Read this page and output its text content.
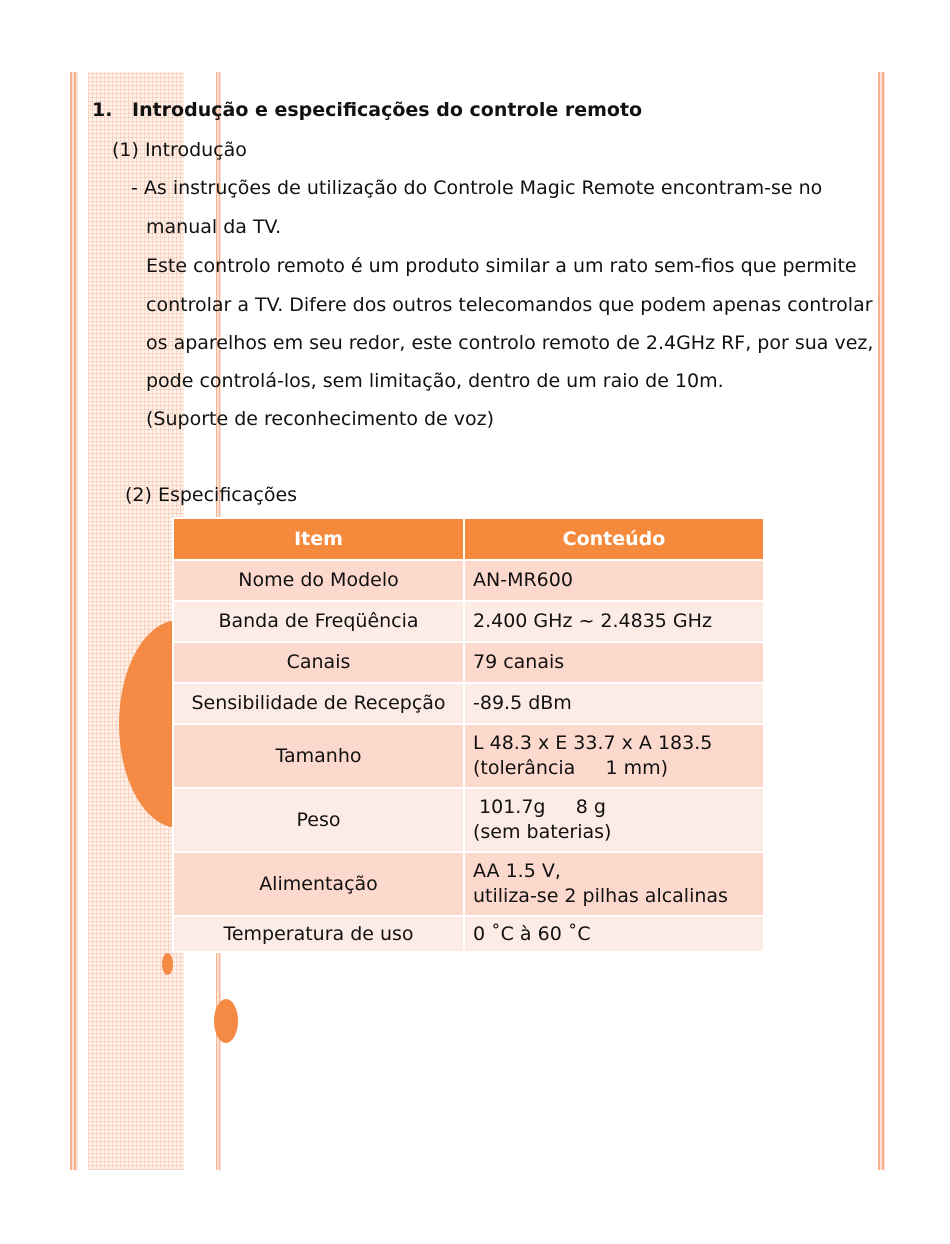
1. Introdução e especificações do controle remoto
(1) Introdução
- As instruções de utilização do Controle Magic Remote encontram-se no
manual da TV.
Este controlo remoto é um produto similar a um rato sem-fios que permite
controlar a TV. Difere dos outros telecomandos que podem apenas controlar
os aparelhos em seu redor, este controlo remoto de 2.4GHz RF, por sua vez,
pode controlá-los, sem limitação, dentro de um raio de 10m.
(Suporte de reconhecimento de voz)
(2) Especificações
Item	Conteúdo
Nome do Modelo	AN-MR600
Banda de Freqüência	2.400 GHz ~ 2.4835 GHz
Canais	79 canais
Sensibilidade de Recepção	-89.5 dBm
Tamanho	L 48.3 x E 33.7 x A 183.5
(tolerância     1 mm)
Peso	101.7g     8 g
(sem baterias)
Alimentação	AA 1.5 V,
utiliza-se 2 pilhas alcalinas
Temperatura de uso	0 ˚C à 60 ˚C
